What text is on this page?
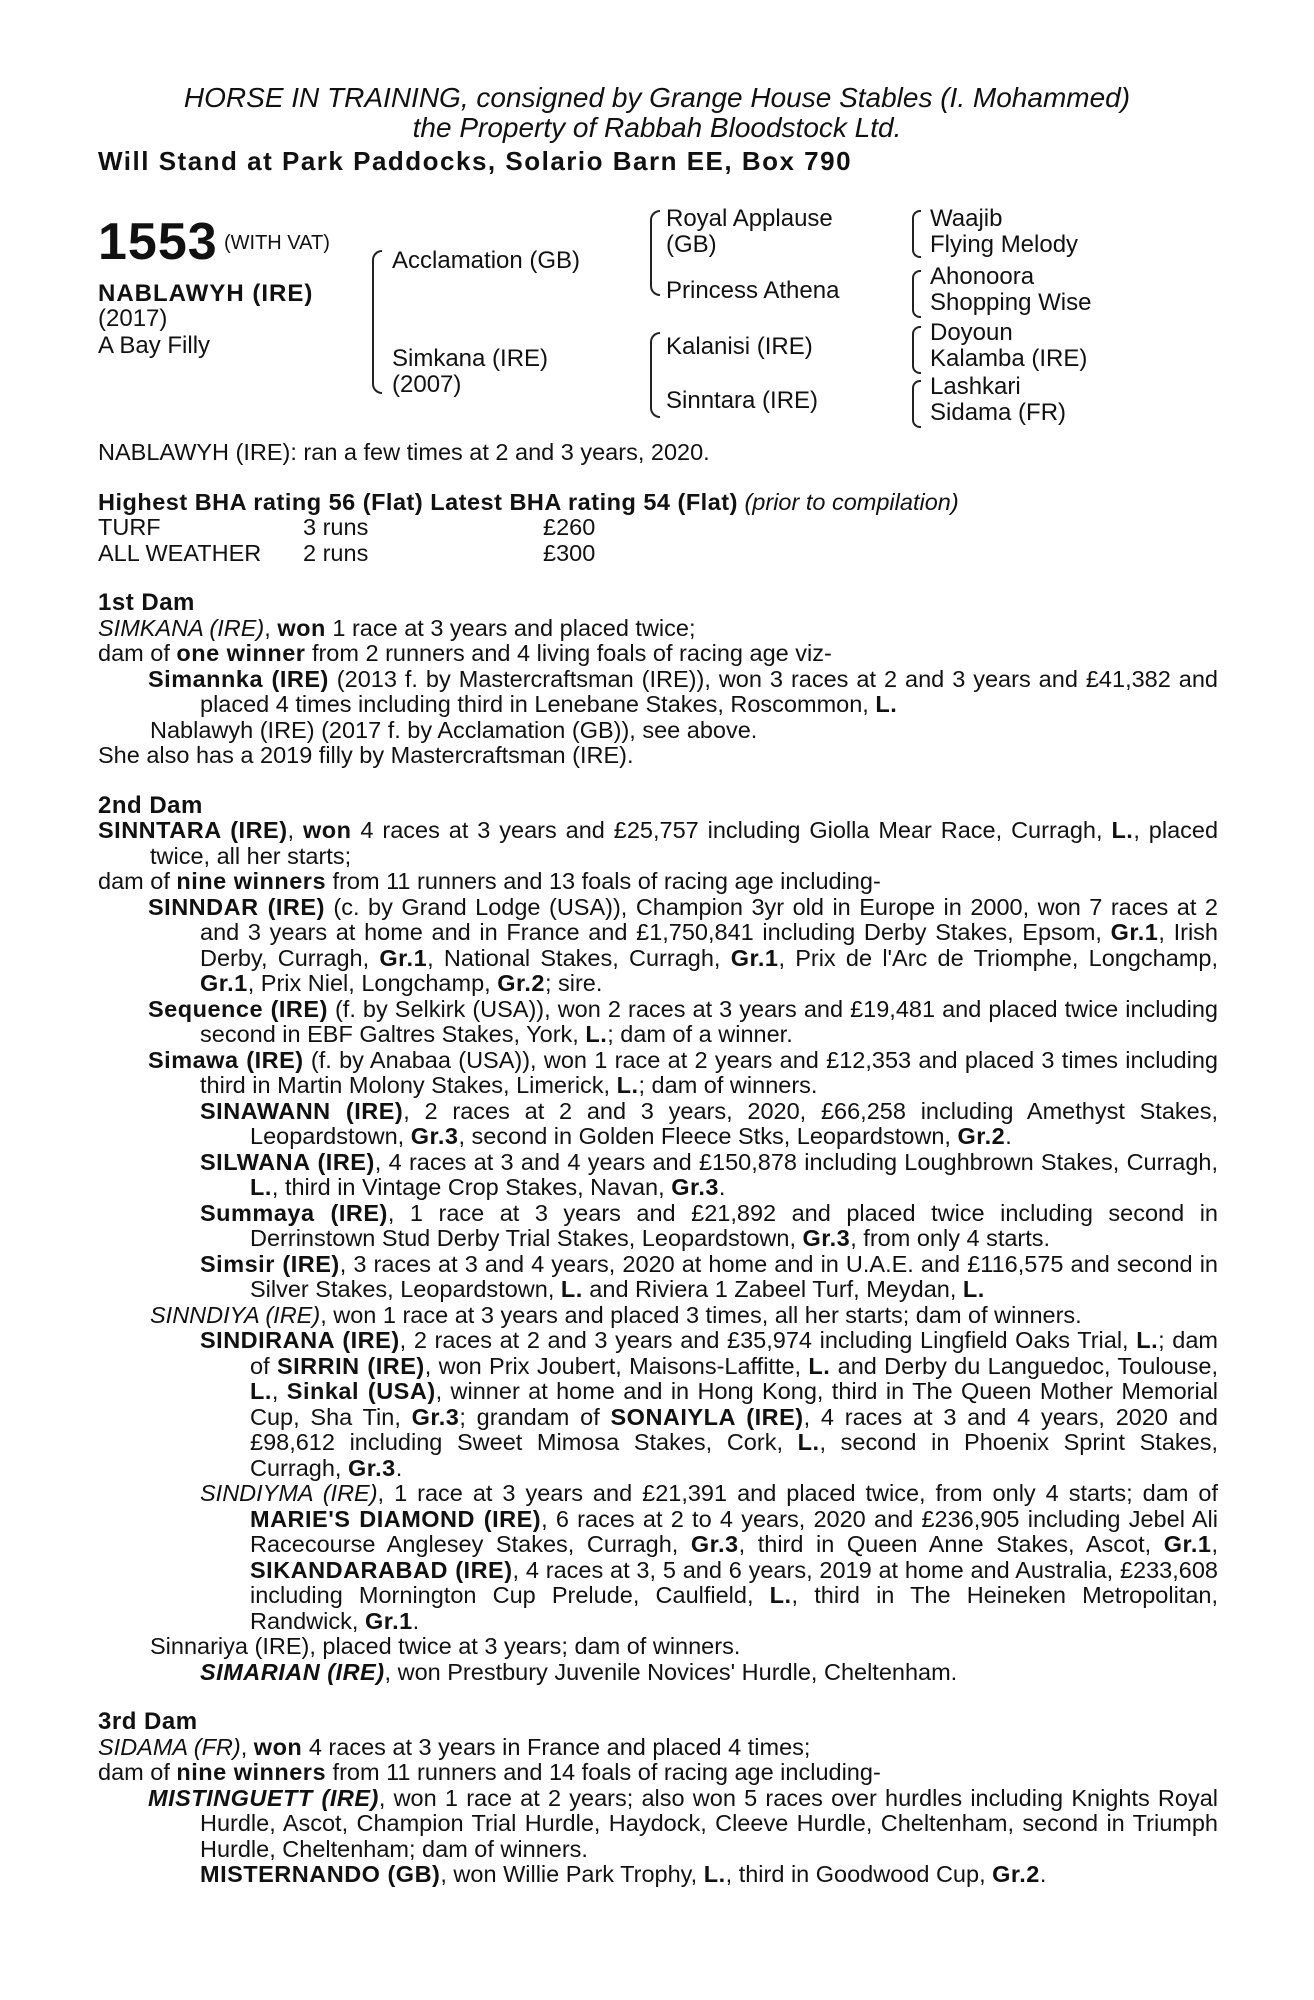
HORSE IN TRAINING, consigned by Grange House Stables (I. Mohammed)
the Property of Rabbah Bloodstock Ltd.
Will Stand at Park Paddocks, Solario Barn EE, Box 790
1553 (WITH VAT)
NABLAWYH (IRE)
(2017)
A Bay Filly
Acclamation (GB)
Simkana (IRE)
(2007)
Royal Applause
(GB)
Princess Athena
Kalanisi (IRE)
Sinntara (IRE)
Waajib
Flying Melody
Ahonoora
Shopping Wise
Doyoun
Kalamba (IRE)
Lashkari
Sidama (FR)

NABLAWYH (IRE): ran a few times at 2 and 3 years, 2020.

Highest BHA rating 56 (Flat) Latest BHA rating 54 (Flat) (prior to compilation)

TURF	3 runs	£260
ALL WEATHER	2 runs	£300

1st Dam

SIMKANA (IRE), won 1 race at 3 years and placed twice;

dam of one winner from 2 runners and 4 living foals of racing age viz-

Simannka (IRE) (2013 f. by Mastercraftsman (IRE)), won 3 races at 2 and 3 years and £41,382 and placed 4 times including third in Lenebane Stakes, Roscommon, L.

Nablawyh (IRE) (2017 f. by Acclamation (GB)), see above.

She also has a 2019 filly by Mastercraftsman (IRE).

2nd Dam

SINNTARA (IRE), won 4 races at 3 years and £25,757 including Giolla Mear Race, Curragh, L., placed twice, all her starts;

dam of nine winners from 11 runners and 13 foals of racing age including-

SINNDAR (IRE) (c. by Grand Lodge (USA)), Champion 3yr old in Europe in 2000, won 7 races at 2 and 3 years at home and in France and £1,750,841 including Derby Stakes, Epsom, Gr.1, Irish Derby, Curragh, Gr.1, National Stakes, Curragh, Gr.1, Prix de l'Arc de Triomphe, Longchamp, Gr.1, Prix Niel, Longchamp, Gr.2; sire.

Sequence (IRE) (f. by Selkirk (USA)), won 2 races at 3 years and £19,481 and placed twice including second in EBF Galtres Stakes, York, L.; dam of a winner.

Simawa (IRE) (f. by Anabaa (USA)), won 1 race at 2 years and £12,353 and placed 3 times including third in Martin Molony Stakes, Limerick, L.; dam of winners.

SINAWANN (IRE), 2 races at 2 and 3 years, 2020, £66,258 including Amethyst Stakes, Leopardstown, Gr.3, second in Golden Fleece Stks, Leopardstown, Gr.2.

SILWANA (IRE), 4 races at 3 and 4 years and £150,878 including Loughbrown Stakes, Curragh, L., third in Vintage Crop Stakes, Navan, Gr.3.

Summaya (IRE), 1 race at 3 years and £21,892 and placed twice including second in Derrinstown Stud Derby Trial Stakes, Leopardstown, Gr.3, from only 4 starts.

Simsir (IRE), 3 races at 3 and 4 years, 2020 at home and in U.A.E. and £116,575 and second in Silver Stakes, Leopardstown, L. and Riviera 1 Zabeel Turf, Meydan, L.

SINNDIYA (IRE), won 1 race at 3 years and placed 3 times, all her starts; dam of winners.

SINDIRANA (IRE), 2 races at 2 and 3 years and £35,974 including Lingfield Oaks Trial, L.; dam of SIRRIN (IRE), won Prix Joubert, Maisons-Laffitte, L. and Derby du Languedoc, Toulouse, L., Sinkal (USA), winner at home and in Hong Kong, third in The Queen Mother Memorial Cup, Sha Tin, Gr.3; grandam of SONAIYLA (IRE), 4 races at 3 and 4 years, 2020 and £98,612 including Sweet Mimosa Stakes, Cork, L., second in Phoenix Sprint Stakes, Curragh, Gr.3.

SINDIYMA (IRE), 1 race at 3 years and £21,391 and placed twice, from only 4 starts; dam of MARIE'S DIAMOND (IRE), 6 races at 2 to 4 years, 2020 and £236,905 including Jebel Ali Racecourse Anglesey Stakes, Curragh, Gr.3, third in Queen Anne Stakes, Ascot, Gr.1, SIKANDARABAD (IRE), 4 races at 3, 5 and 6 years, 2019 at home and Australia, £233,608 including Mornington Cup Prelude, Caulfield, L., third in The Heineken Metropolitan, Randwick, Gr.1.

Sinnariya (IRE), placed twice at 3 years; dam of winners.

SIMARIAN (IRE), won Prestbury Juvenile Novices' Hurdle, Cheltenham.

3rd Dam

SIDAMA (FR), won 4 races at 3 years in France and placed 4 times;

dam of nine winners from 11 runners and 14 foals of racing age including-

MISTINGUETT (IRE), won 1 race at 2 years; also won 5 races over hurdles including Knights Royal Hurdle, Ascot, Champion Trial Hurdle, Haydock, Cleeve Hurdle, Cheltenham, second in Triumph Hurdle, Cheltenham; dam of winners.

MISTERNANDO (GB), won Willie Park Trophy, L., third in Goodwood Cup, Gr.2.
